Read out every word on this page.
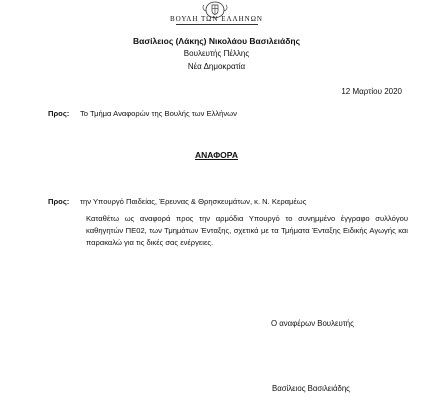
ΒΟΥΛΗ ΤΩΝ ΕΛΛΗΝΩΝ
Βασίλειος (Λάκης) Νικολάου Βασιλειάδης
Βουλευτής Πέλλης
Νέα Δημοκρατία
12 Μαρτίου 2020
Προς: Το Τμήμα Αναφορών της Βουλής των Ελλήνων
ΑΝΑΦΟΡΑ
Προς: την Υπουργό Παιδείας, Έρευνας & Θρησκευμάτων, κ. Ν. Κεραμέως
Καταθέτω ως αναφορά προς την αρμόδια Υπουργό το συνημμένο έγγραφο συλλόγου καθηγητών ΠΕ02, των Τμημάτων Ένταξης, σχετικά με τα Τμήματα Ένταξης Ειδικής Αγωγής και παρακαλώ για τις δικές σας ενέργειες.
Ο αναφέρων Βουλευτής
Βασίλειος Βασιλειάδης
